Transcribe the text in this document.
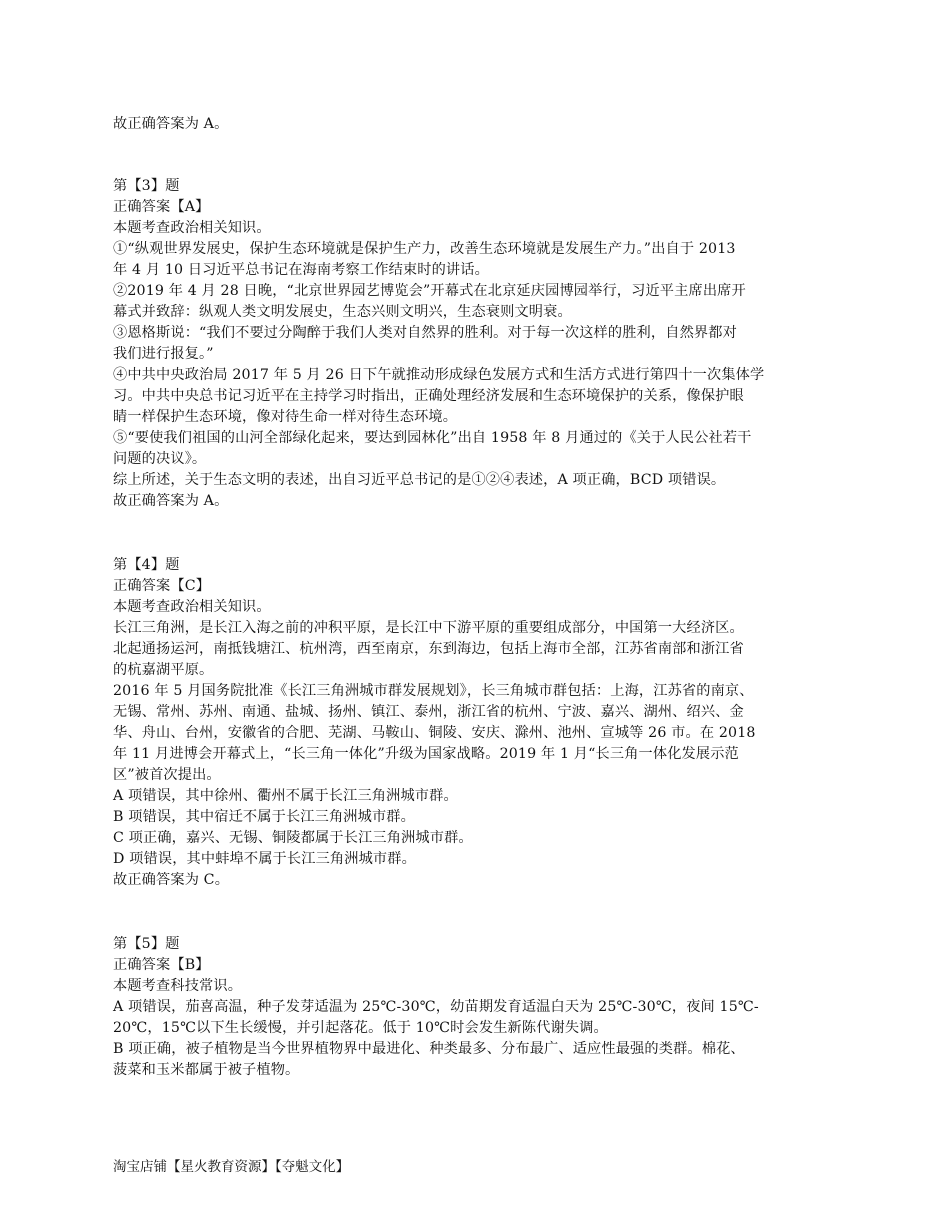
故正确答案为 A。
第【3】题
正确答案【A】
本题考查政治相关知识。
①“纵观世界发展史，保护生态环境就是保护生产力，改善生态环境就是发展生产力。”出自于 2013
年 4 月 10 日习近平总书记在海南考察工作结束时的讲话。
②2019 年 4 月 28 日晚，“北京世界园艺博览会”开幕式在北京延庆园博园举行，习近平主席出席开
幕式并致辞：纵观人类文明发展史，生态兴则文明兴，生态衰则文明衰。
③恩格斯说：“我们不要过分陶醉于我们人类对自然界的胜利。对于每一次这样的胜利，自然界都对
我们进行报复。”
④中共中央政治局 2017 年 5 月 26 日下午就推动形成绿色发展方式和生活方式进行第四十一次集体学
习。中共中央总书记习近平在主持学习时指出，正确处理经济发展和生态环境保护的关系，像保护眼
睛一样保护生态环境，像对待生命一样对待生态环境。
⑤“要使我们祖国的山河全部绿化起来，要达到园林化”出自 1958 年 8 月通过的《关于人民公社若干
问题的决议》。
综上所述，关于生态文明的表述，出自习近平总书记的是①②④表述，A 项正确，BCD 项错误。
故正确答案为 A。
第【4】题
正确答案【C】
本题考查政治相关知识。
长江三角洲，是长江入海之前的冲积平原，是长江中下游平原的重要组成部分，中国第一大经济区。
北起通扬运河，南抵钱塘江、杭州湾，西至南京，东到海边，包括上海市全部，江苏省南部和浙江省
的杭嘉湖平原。
2016 年 5 月国务院批准《长江三角洲城市群发展规划》，长三角城市群包括：上海，江苏省的南京、
无锡、常州、苏州、南通、盐城、扬州、镇江、泰州，浙江省的杭州、宁波、嘉兴、湖州、绍兴、金
华、舟山、台州，安徽省的合肥、芜湖、马鞍山、铜陵、安庆、滁州、池州、宣城等 26 市。在 2018
年 11 月进博会开幕式上，“长三角一体化”升级为国家战略。2019 年 1 月“长三角一体化发展示范
区”被首次提出。
A 项错误，其中徐州、衢州不属于长江三角洲城市群。
B 项错误，其中宿迁不属于长江三角洲城市群。
C 项正确，嘉兴、无锡、铜陵都属于长江三角洲城市群。
D 项错误，其中蚌埠不属于长江三角洲城市群。
故正确答案为 C。
第【5】题
正确答案【B】
本题考查科技常识。
A 项错误，茄喜高温，种子发芽适温为 25℃-30℃，幼苗期发育适温白天为 25℃-30℃，夜间 15℃-
20℃，15℃以下生长缓慢，并引起落花。低于 10℃时会发生新陈代谢失调。
B 项正确，被子植物是当今世界植物界中最进化、种类最多、分布最广、适应性最强的类群。棉花、
菠菜和玉米都属于被子植物。
淘宝店铺【星火教育资源】【夺魁文化】
